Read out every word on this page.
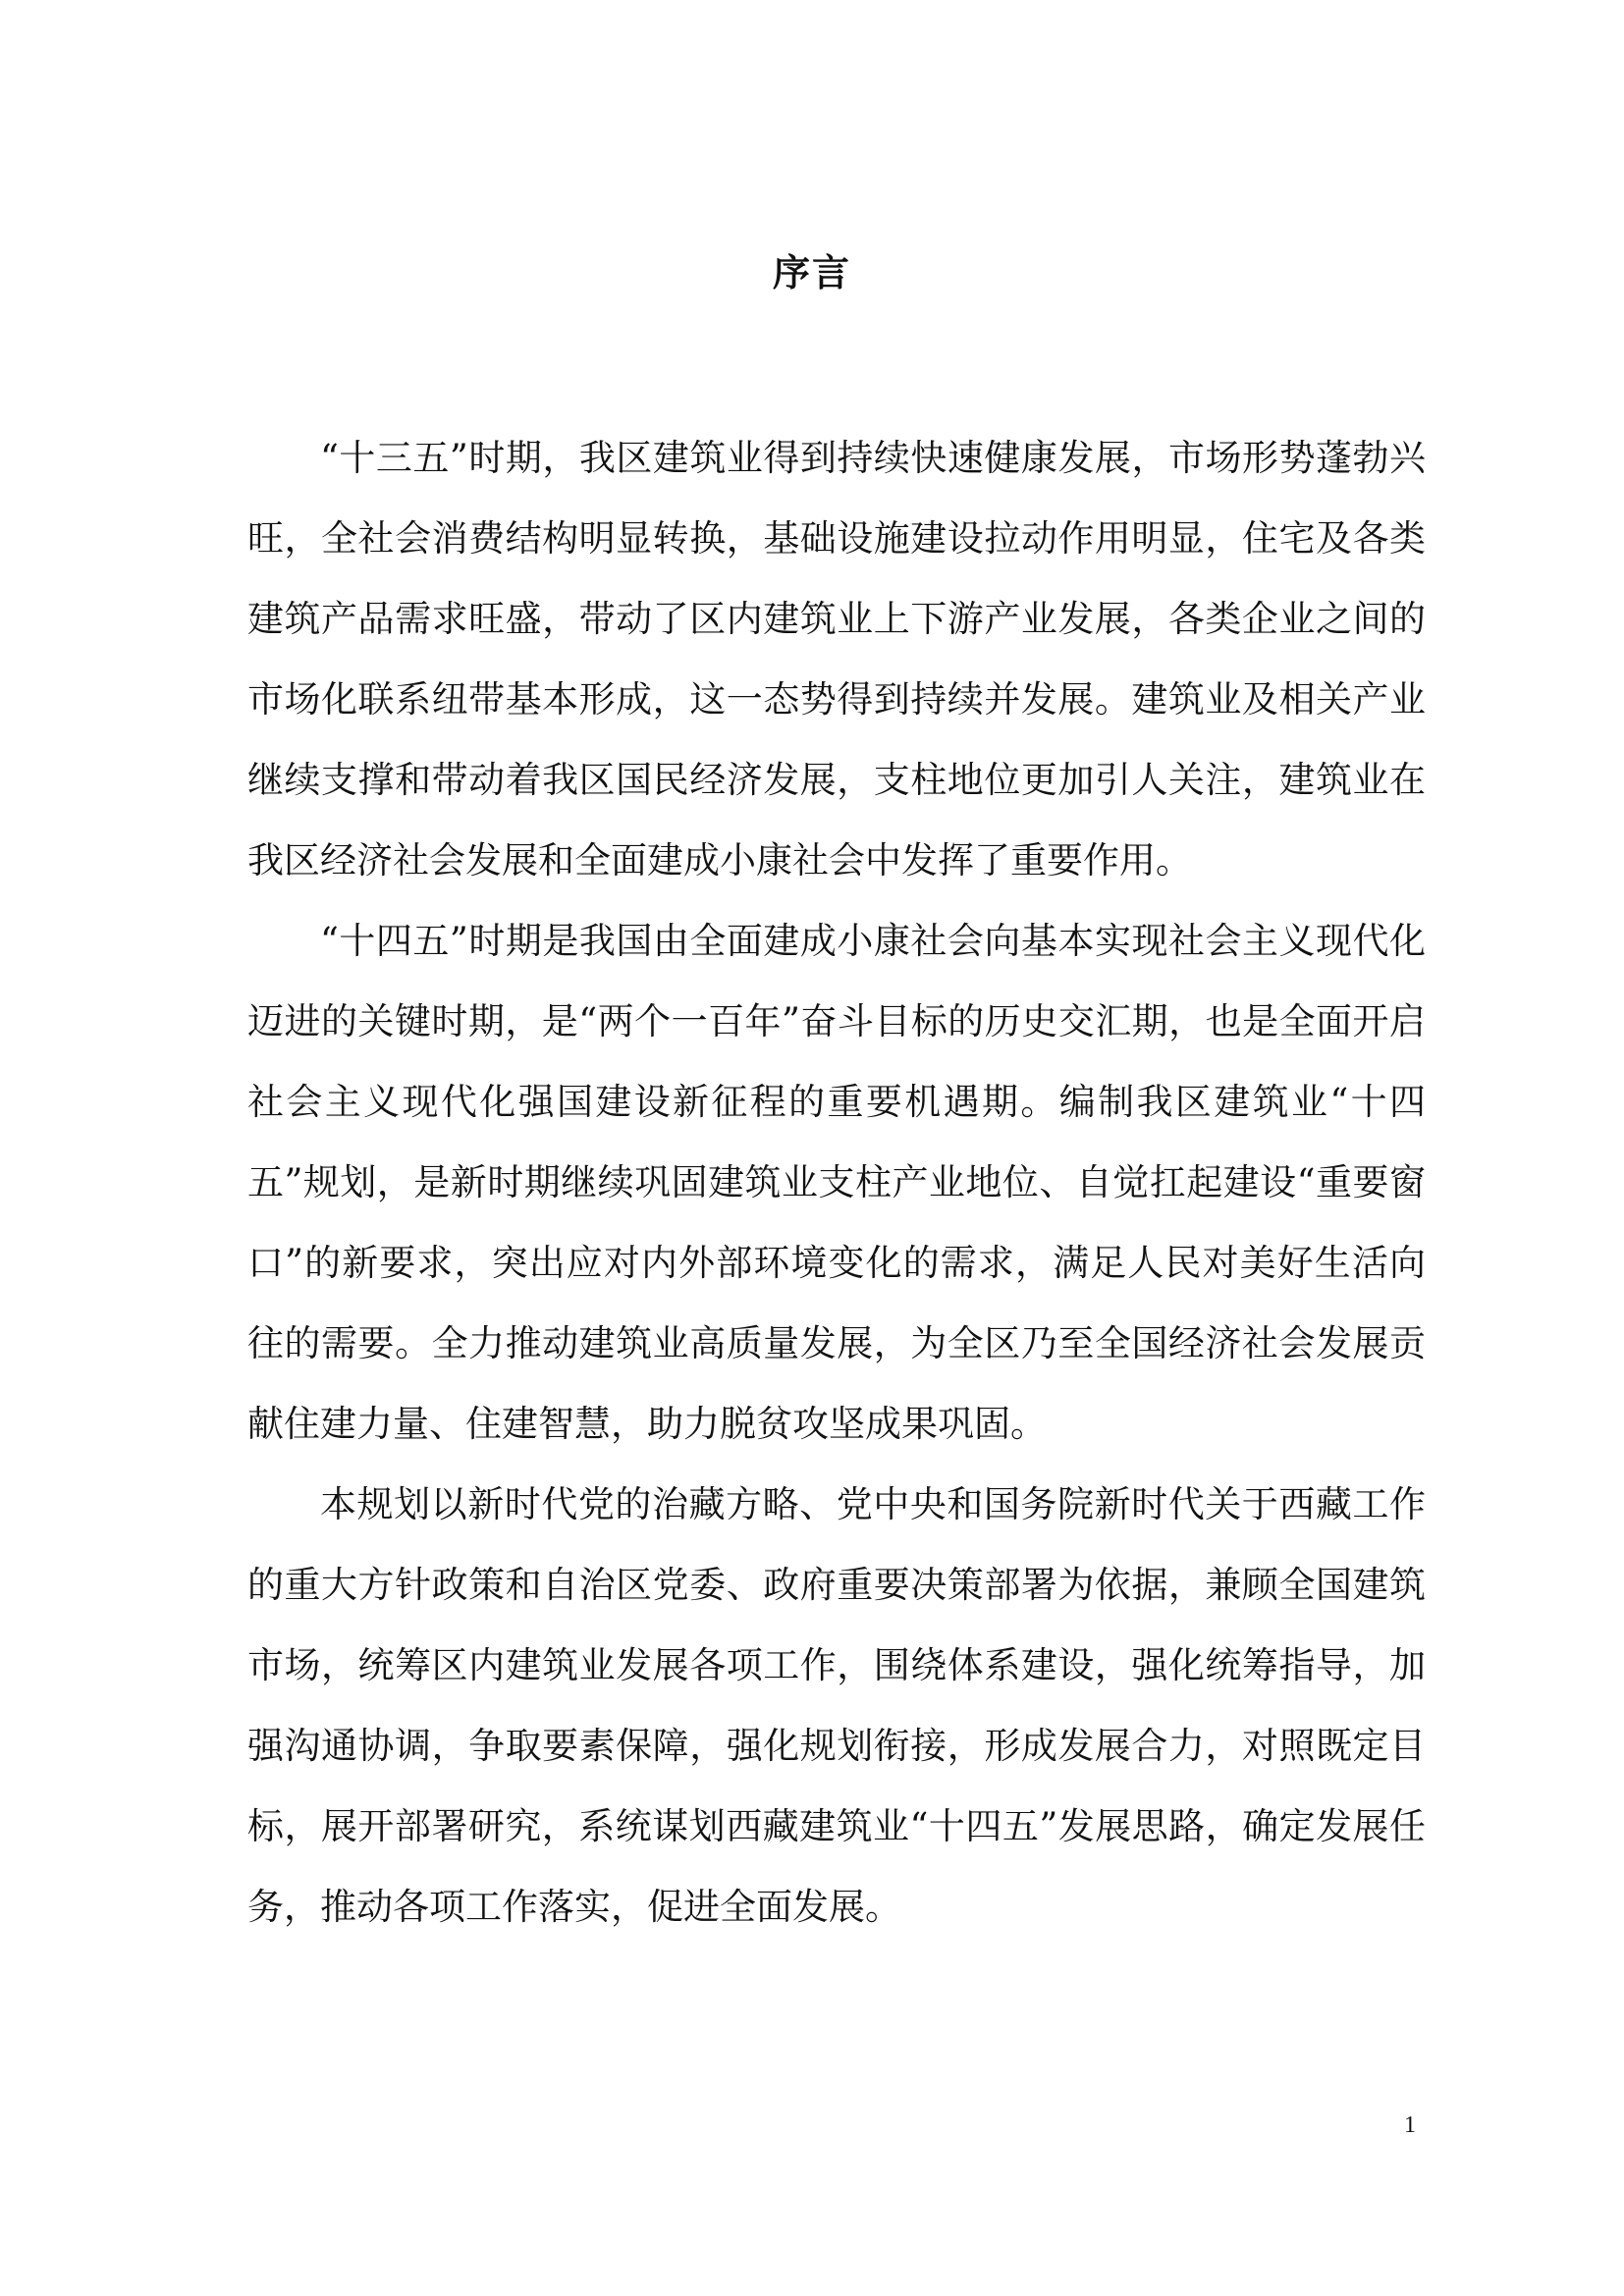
序言

“十三五”时期，我区建筑业得到持续快速健康发展，市场形势蓬勃兴旺，全社会消费结构明显转换，基础设施建设拉动作用明显，住宅及各类建筑产品需求旺盛，带动了区内建筑业上下游产业发展，各类企业之间的市场化联系纽带基本形成，这一态势得到持续并发展。建筑业及相关产业继续支撑和带动着我区国民经济发展，支柱地位更加引人关注，建筑业在我区经济社会发展和全面建成小康社会中发挥了重要作用。

“十四五”时期是我国由全面建成小康社会向基本实现社会主义现代化迈进的关键时期，是“两个一百年”奋斗目标的历史交汇期，也是全面开启社会主义现代化强国建设新征程的重要机遇期。编制我区建筑业“十四五”规划，是新时期继续巩固建筑业支柱产业地位、自觉扛起建设“重要窗口”的新要求，突出应对内外部环境变化的需求，满足人民对美好生活向往的需要。全力推动建筑业高质量发展，为全区乃至全国经济社会发展贡献住建力量、住建智慧，助力脱贫攻坚成果巩固。

本规划以新时代党的治藏方略、党中央和国务院新时代关于西藏工作的重大方针政策和自治区党委、政府重要决策部署为依据，兼顾全国建筑市场，统筹区内建筑业发展各项工作，围绕体系建设，强化统筹指导，加强沟通协调，争取要素保障，强化规划衔接，形成发展合力，对照既定目标，展开部署研究，系统谋划西藏建筑业“十四五”发展思路，确定发展任务，推动各项工作落实，促进全面发展。

1
